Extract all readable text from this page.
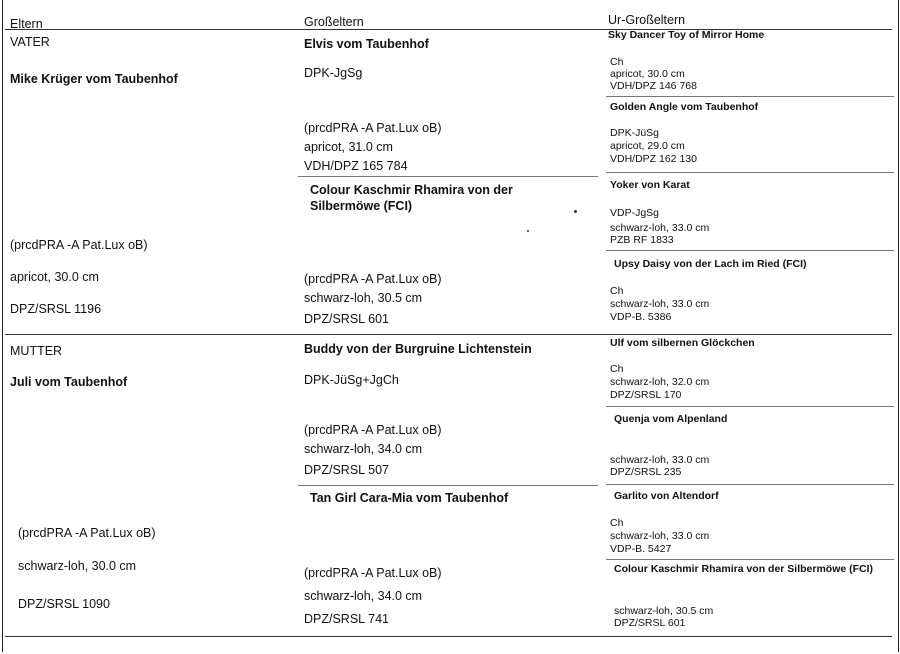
Eltern	Großeltern	Ur-Großeltern
VATER
Mike Krüger vom Taubenhof
(prcdPRA -A Pat.Lux oB)
apricot, 30.0 cm
DPZ/SRSL 1196
MUTTER
Juli vom Taubenhof
(prcdPRA -A Pat.Lux oB)
schwarz-loh, 30.0 cm
DPZ/SRSL 1090
Elvis vom Taubenhof
DPK-JgSg
(prcdPRA -A Pat.Lux oB)
apricot, 31.0 cm
VDH/DPZ 165 784
Colour Kaschmir Rhamira von der Silbermöwe (FCI)
(prcdPRA -A Pat.Lux oB)
schwarz-loh, 30.5 cm
DPZ/SRSL 601
Buddy von der Burgruine Lichtenstein
DPK-JüSg+JgCh
(prcdPRA -A Pat.Lux oB)
schwarz-loh, 34.0 cm
DPZ/SRSL 507
Tan Girl Cara-Mia vom Taubenhof
(prcdPRA -A Pat.Lux oB)
schwarz-loh, 34.0 cm
DPZ/SRSL 741
Sky Dancer Toy of Mirror Home
Ch
apricot, 30.0 cm
VDH/DPZ 146 768
Golden Angle vom Taubenhof
DPK-JüSg
apricot, 29.0 cm
VDH/DPZ 162 130
Yoker von Karat
VDP-JgSg
schwarz-loh, 33.0 cm
PZB RF 1833
Upsy Daisy von der Lach im Ried (FCI)
Ch
schwarz-loh, 33.0 cm
VDP-B. 5386
Ulf vom silbernen Glöckchen
Ch
schwarz-loh, 32.0 cm
DPZ/SRSL 170
Quenja vom Alpenland
schwarz-loh, 33.0 cm
DPZ/SRSL 235
Garlito von Altendorf
Ch
schwarz-loh, 33.0 cm
VDP-B. 5427
Colour Kaschmir Rhamira von der Silbermöwe (FCI)
schwarz-loh, 30.5 cm
DPZ/SRSL 601
